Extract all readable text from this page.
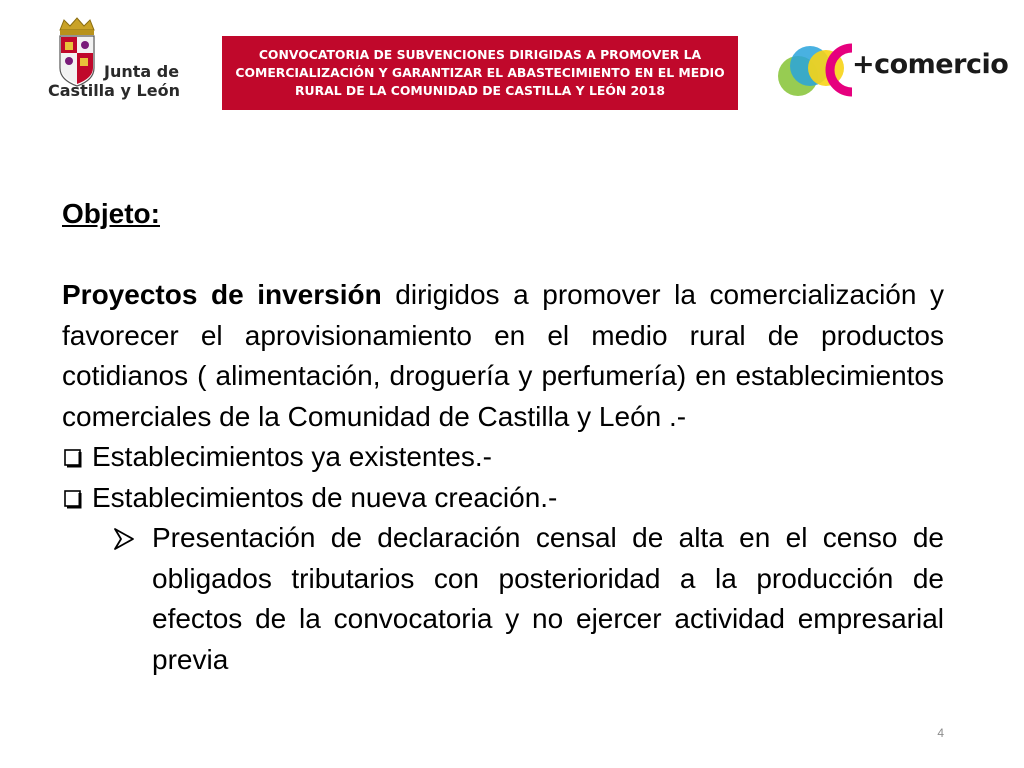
Junta de
Castilla y León
CONVOCATORIA DE SUBVENCIONES DIRIGIDAS A PROMOVER LA COMERCIALIZACIÓN Y GARANTIZAR EL ABASTECIMIENTO EN EL MEDIO RURAL DE LA COMUNIDAD DE CASTILLA Y LEÓN 2018
+comercio

Objeto:

Proyectos de inversión dirigidos a promover la comercialización y favorecer el aprovisionamiento en el medio rural de productos cotidianos ( alimentación, droguería y perfumería) en establecimientos comerciales de la Comunidad de Castilla y León .-

Establecimientos ya existentes.-
Establecimientos de nueva creación.-
Presentación de declaración censal de alta en el censo de obligados tributarios con posterioridad a la producción de efectos de la convocatoria y no ejercer actividad empresarial previa
4
